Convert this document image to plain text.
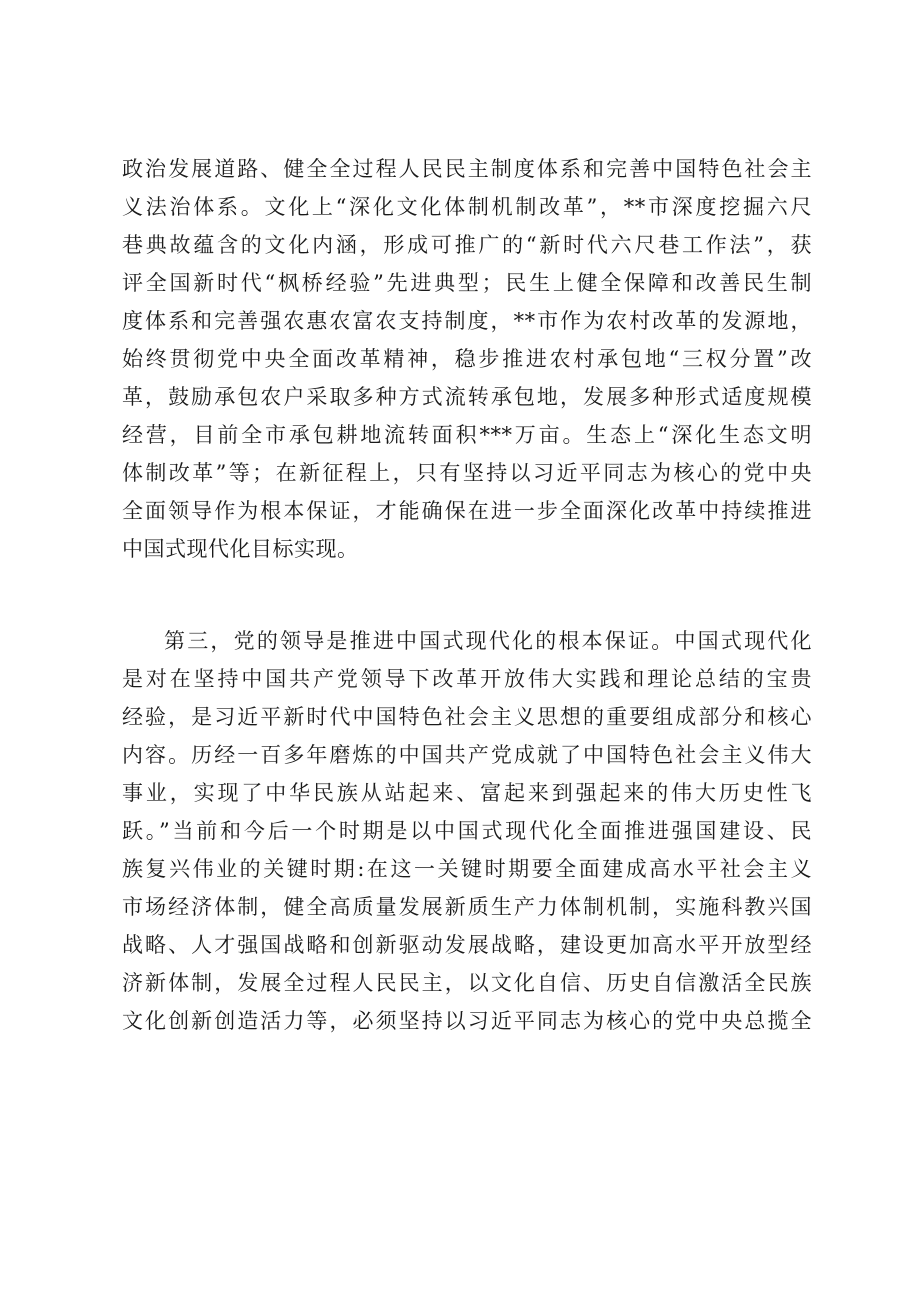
政治发展道路、健全全过程人民民主制度体系和完善中国特色社会主
义法治体系。文化上“深化文化体制机制改革”，**市深度挖掘六尺
巷典故蕴含的文化内涵，形成可推广的“新时代六尺巷工作法”，获
评全国新时代“枫桥经验”先进典型；民生上健全保障和改善民生制
度体系和完善强农惠农富农支持制度，**市作为农村改革的发源地，
始终贯彻党中央全面改革精神，稳步推进农村承包地“三权分置”改
革，鼓励承包农户采取多种方式流转承包地，发展多种形式适度规模
经营，目前全市承包耕地流转面积***万亩。生态上“深化生态文明
体制改革”等；在新征程上，只有坚持以习近平同志为核心的党中央
全面领导作为根本保证，才能确保在进一步全面深化改革中持续推进
中国式现代化目标实现。
第三，党的领导是推进中国式现代化的根本保证。中国式现代化
是对在坚持中国共产党领导下改革开放伟大实践和理论总结的宝贵
经验，是习近平新时代中国特色社会主义思想的重要组成部分和核心
内容。历经一百多年磨炼的中国共产党成就了中国特色社会主义伟大
事业，实现了中华民族从站起来、富起来到强起来的伟大历史性飞
跃。”当前和今后一个时期是以中国式现代化全面推进强国建设、民
族复兴伟业的关键时期:在这一关键时期要全面建成高水平社会主义
市场经济体制，健全高质量发展新质生产力体制机制，实施科教兴国
战略、人才强国战略和创新驱动发展战略，建设更加高水平开放型经
济新体制，发展全过程人民民主，以文化自信、历史自信激活全民族
文化创新创造活力等，必须坚持以习近平同志为核心的党中央总揽全
